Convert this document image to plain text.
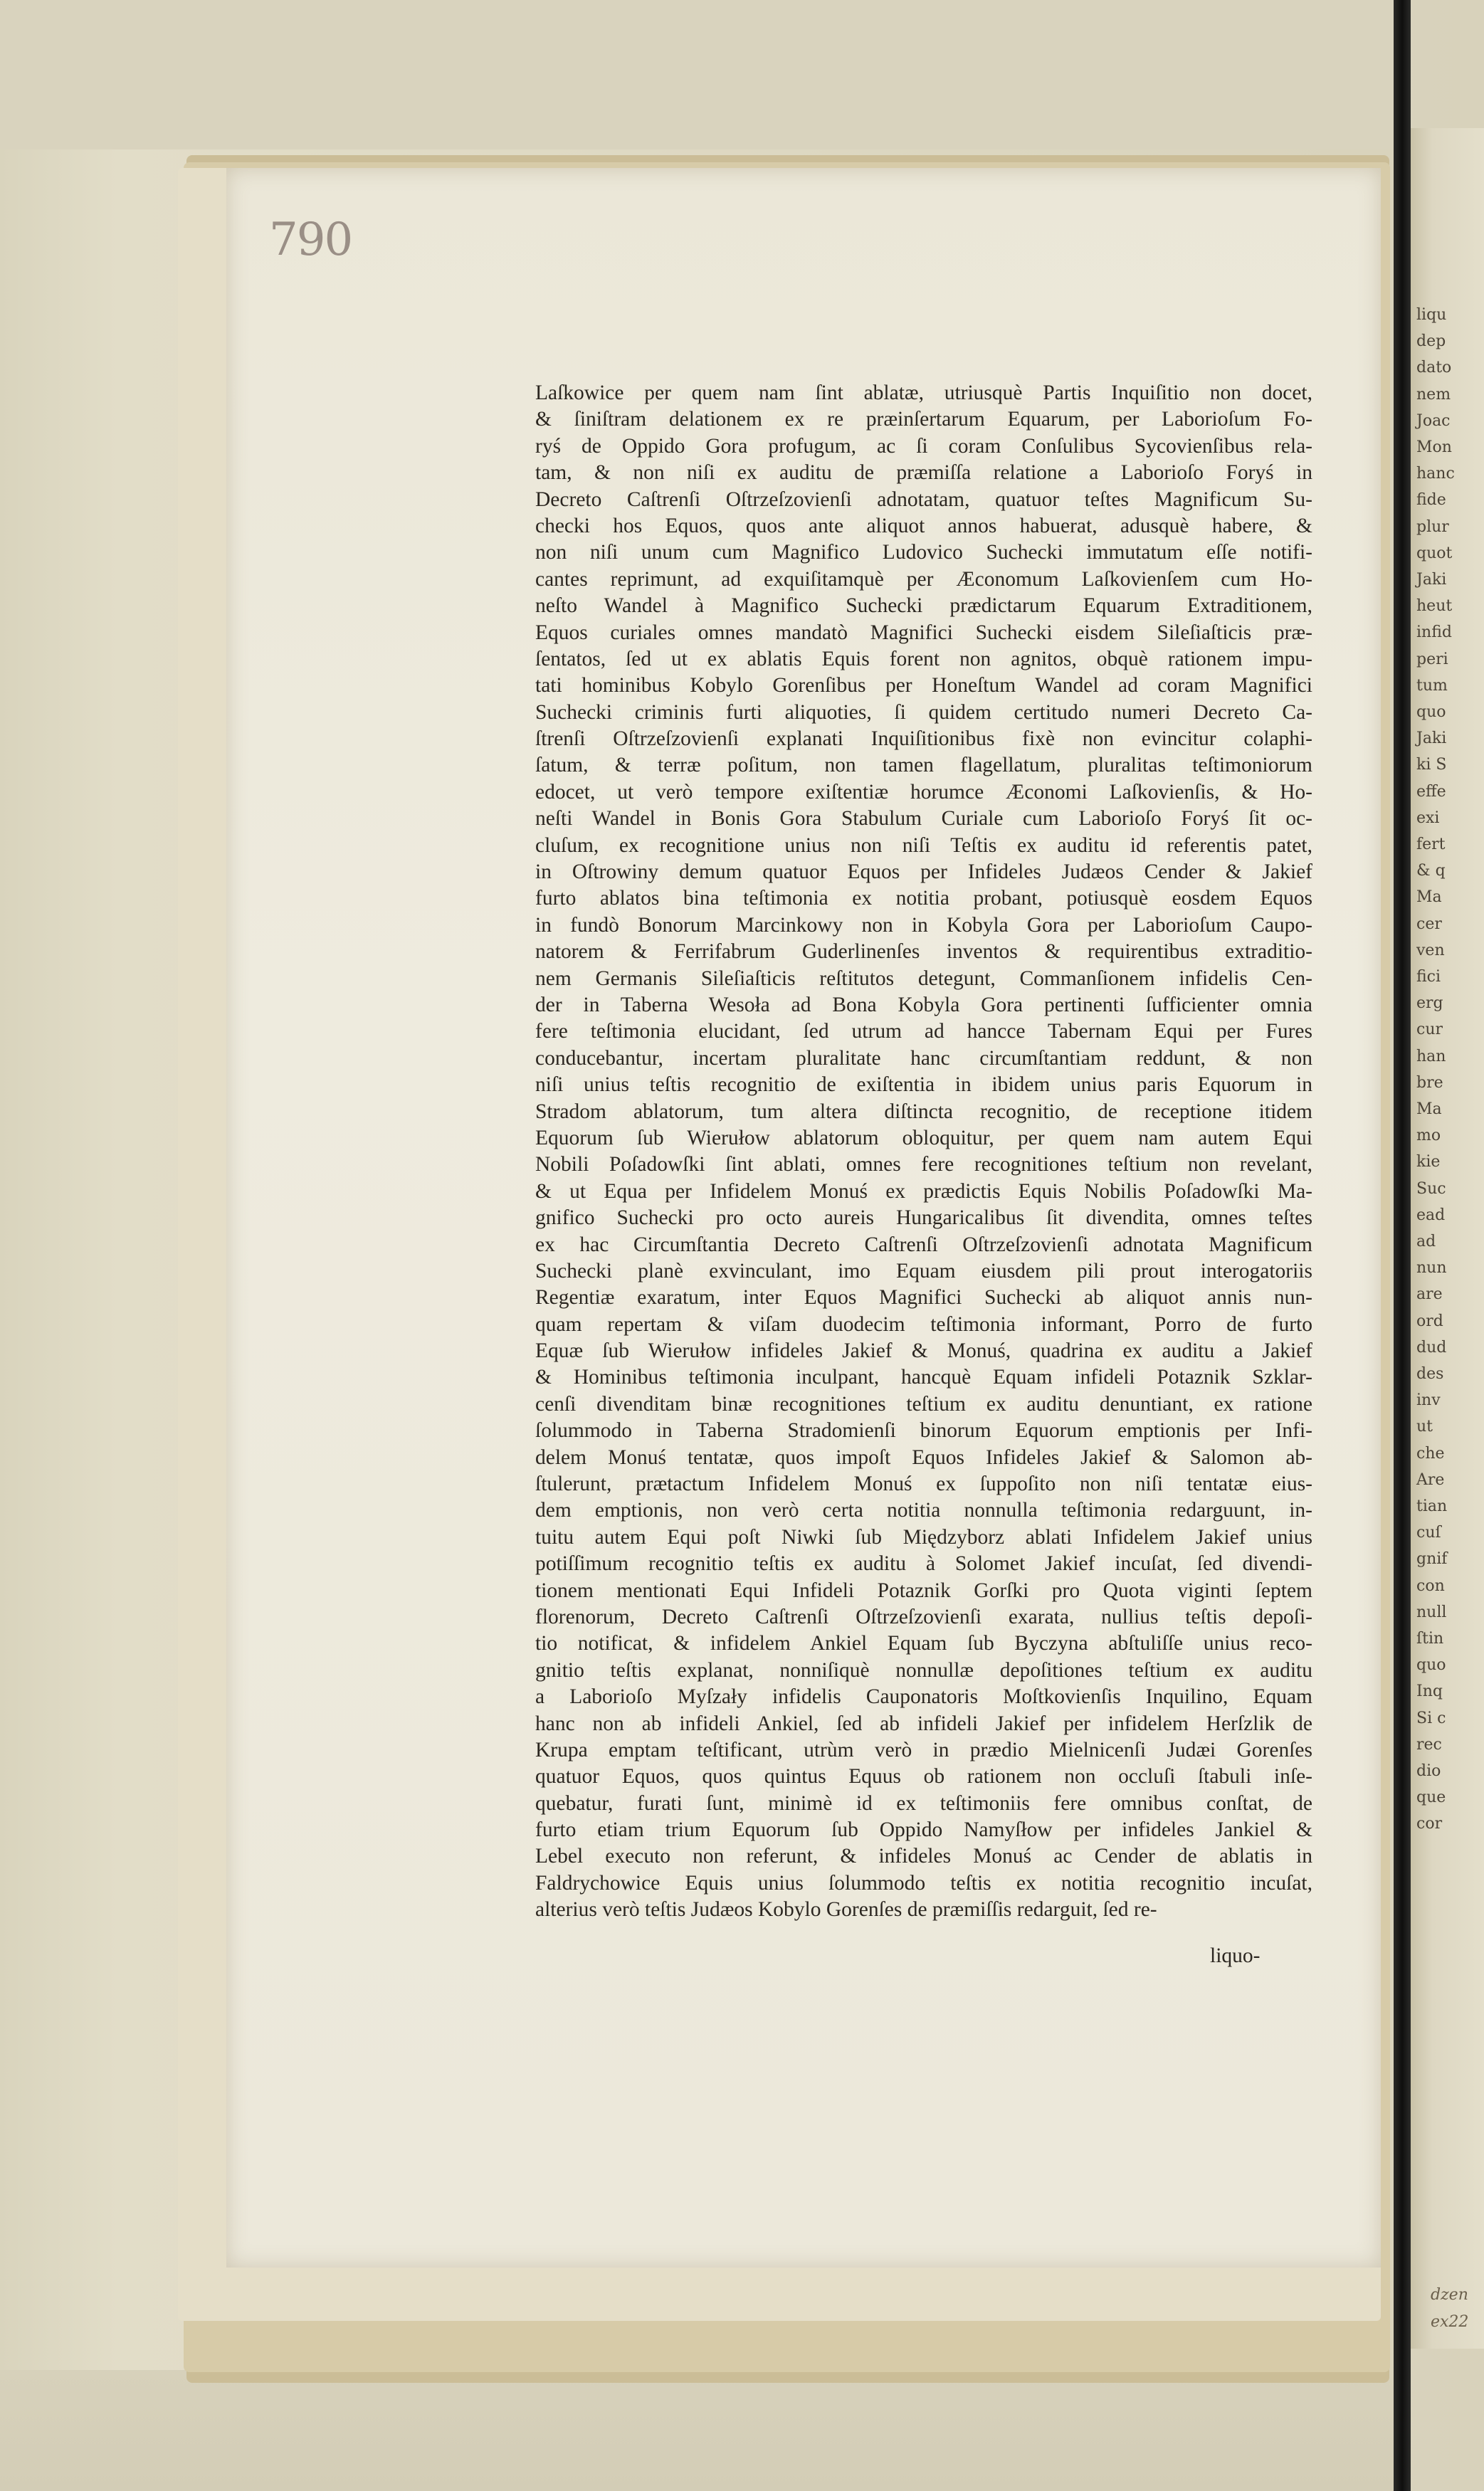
790
Laſkowice per quem nam ſint ablatæ, utriusquè Partis Inquiſitio non docet,
& ſiniſtram delationem ex re præinſertarum Equarum, per Laborioſum Fo-
ryś de Oppido Gora profugum, ac ſi coram Conſulibus Sycovienſibus rela-
tam, & non niſi ex auditu de præmiſſa relatione a Laborioſo Foryś in
Decreto Caſtrenſi Oſtrzeſzovienſi adnotatam, quatuor teſtes Magnificum Su-
checki hos Equos, quos ante aliquot annos habuerat, adusquè habere, &
non niſi unum cum Magnifico Ludovico Suchecki immutatum eſſe notifi-
cantes reprimunt, ad exquiſitamquè per Æconomum Laſkovienſem cum Ho-
neſto Wandel à Magnifico Suchecki prædictarum Equarum Extraditionem,
Equos curiales omnes mandatò Magnifici Suchecki eisdem Sileſiaſticis præ-
ſentatos, ſed ut ex ablatis Equis forent non agnitos, obquè rationem impu-
tati hominibus Kobylo Gorenſibus per Honeſtum Wandel ad coram Magnifici
Suchecki criminis furti aliquoties, ſi quidem certitudo numeri Decreto Ca-
ſtrenſi Oſtrzeſzovienſi explanati Inquiſitionibus fixè non evincitur colaphi-
ſatum, & terræ poſitum, non tamen flagellatum, pluralitas teſtimoniorum
edocet, ut verò tempore exiſtentiæ horumce Æconomi Laſkovienſis, & Ho-
neſti Wandel in Bonis Gora Stabulum Curiale cum Laborioſo Foryś ſit oc-
cluſum, ex recognitione unius non niſi Teſtis ex auditu id referentis patet,
in Oſtrowiny demum quatuor Equos per Infideles Judæos Cender & Jakief
furto ablatos bina teſtimonia ex notitia probant, potiusquè eosdem Equos
in fundò Bonorum Marcinkowy non in Kobyla Gora per Laborioſum Caupo-
natorem & Ferrifabrum Guderlinenſes inventos & requirentibus extraditio-
nem Germanis Sileſiaſticis reſtitutos detegunt, Commanſionem infidelis Cen-
der in Taberna Wesoła ad Bona Kobyla Gora pertinenti ſufficienter omnia
fere teſtimonia elucidant, ſed utrum ad hancce Tabernam Equi per Fures
conducebantur, incertam pluralitate hanc circumſtantiam reddunt, & non
niſi unius teſtis recognitio de exiſtentia in ibidem unius paris Equorum in
Stradom ablatorum, tum altera diſtincta recognitio, de receptione itidem
Equorum ſub Wierułow ablatorum obloquitur, per quem nam autem Equi
Nobili Poſadowſki ſint ablati, omnes fere recognitiones teſtium non revelant,
& ut Equa per Infidelem Monuś ex prædictis Equis Nobilis Poſadowſki Ma-
gnifico Suchecki pro octo aureis Hungaricalibus ſit divendita, omnes teſtes
ex hac Circumſtantia Decreto Caſtrenſi Oſtrzeſzovienſi adnotata Magnificum
Suchecki planè exvinculant, imo Equam eiusdem pili prout interogatoriis
Regentiæ exaratum, inter Equos Magnifici Suchecki ab aliquot annis nun-
quam repertam & viſam duodecim teſtimonia informant, Porro de furto
Equæ ſub Wierułow infideles Jakief & Monuś, quadrina ex auditu a Jakief
& Hominibus teſtimonia inculpant, hancquè Equam infideli Potaznik Szklar-
cenſi divenditam binæ recognitiones teſtium ex auditu denuntiant, ex ratione
ſolummodo in Taberna Stradomienſi binorum Equorum emptionis per Infi-
delem Monuś tentatæ, quos impoſt Equos Infideles Jakief & Salomon ab-
ſtulerunt, prætactum Infidelem Monuś ex ſuppoſito non niſi tentatæ eius-
dem emptionis, non verò certa notitia nonnulla teſtimonia redarguunt, in-
tuitu autem Equi poſt Niwki ſub Międzyborz ablati Infidelem Jakief unius
potiſſimum recognitio teſtis ex auditu à Solomet Jakief incuſat, ſed divendi-
tionem mentionati Equi Infideli Potaznik Gorſki pro Quota viginti ſeptem
florenorum, Decreto Caſtrenſi Oſtrzeſzovienſi exarata, nullius teſtis depoſi-
tio notificat, & infidelem Ankiel Equam ſub Byczyna abſtuliſſe unius reco-
gnitio teſtis explanat, nonniſiquè nonnullæ depoſitiones teſtium ex auditu
a Laborioſo Myſzały infidelis Cauponatoris Moſtkovienſis Inquilino, Equam
hanc non ab infideli Ankiel, ſed ab infideli Jakief per infidelem Herſzlik de
Krupa emptam teſtificant, utrùm verò in prædio Mielnicenſi Judæi Gorenſes
quatuor Equos, quos quintus Equus ob rationem non occluſi ſtabuli inſe-
quebatur, furati ſunt, minimè id ex teſtimoniis fere omnibus conſtat, de
furto etiam trium Equorum ſub Oppido Namyſłow per infideles Jankiel &
Lebel executo non referunt, & infideles Monuś ac Cender de ablatis in
Faldrychowice Equis unius ſolummodo teſtis ex notitia recognitio incuſat,
alterius verò teſtis Judæos Kobylo Gorenſes de præmiſſis redarguit, ſed re-
liquo-
liqu
dep
dato
nem
Joac
Mon
hanc
fide
plur
quot
Jaki
heut
infid
peri
tum
quo
Jaki
ki S
effe
exi
fert
& q
Ma
cer
ven
fici
erg
cur
han
bre
Ma
mo
kie
Suc
ead
ad
nun
are
ord
dud
des
inv
ut
che
Are
tian
cuſ
gnif
con
null
ſtin
quo
Inq
Si c
rec
dio
que
cor
dzen
ex22
